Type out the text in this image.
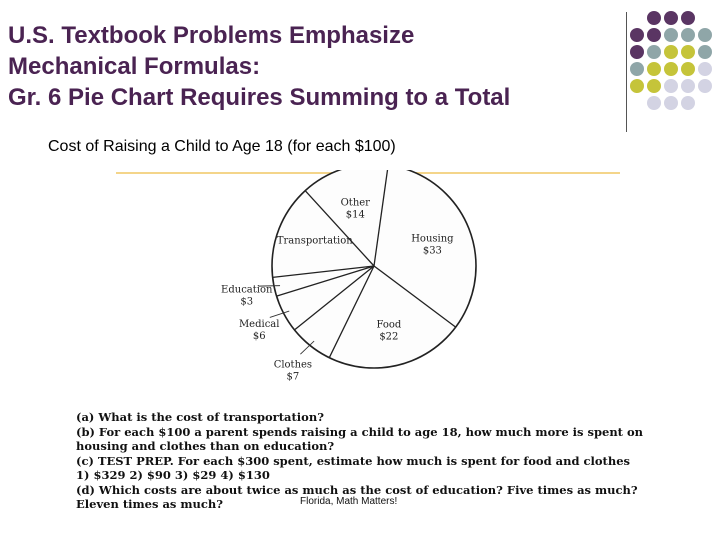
U.S. Textbook Problems Emphasize
Mechanical Formulas:
Gr. 6 Pie Chart Requires Summing to a Total
Cost of Raising a Child to Age 18 (for each $100)
Housing $33
Food $22
Clothes $7
Medical $6
Education $3
Transportation
Other $14
(a) What is the cost of transportation?
(b) For each $100 a parent spends raising a child to age 18, how much more is spent on
housing and clothes than on education?
(c) TEST PREP. For each $300 spent, estimate how much is spent for food and clothes
1) $329 2) $90 3) $29 4) $130
(d) Which costs are about twice as much as the cost of education? Five times as much?
Eleven times as much?	Florida, Math Matters!
